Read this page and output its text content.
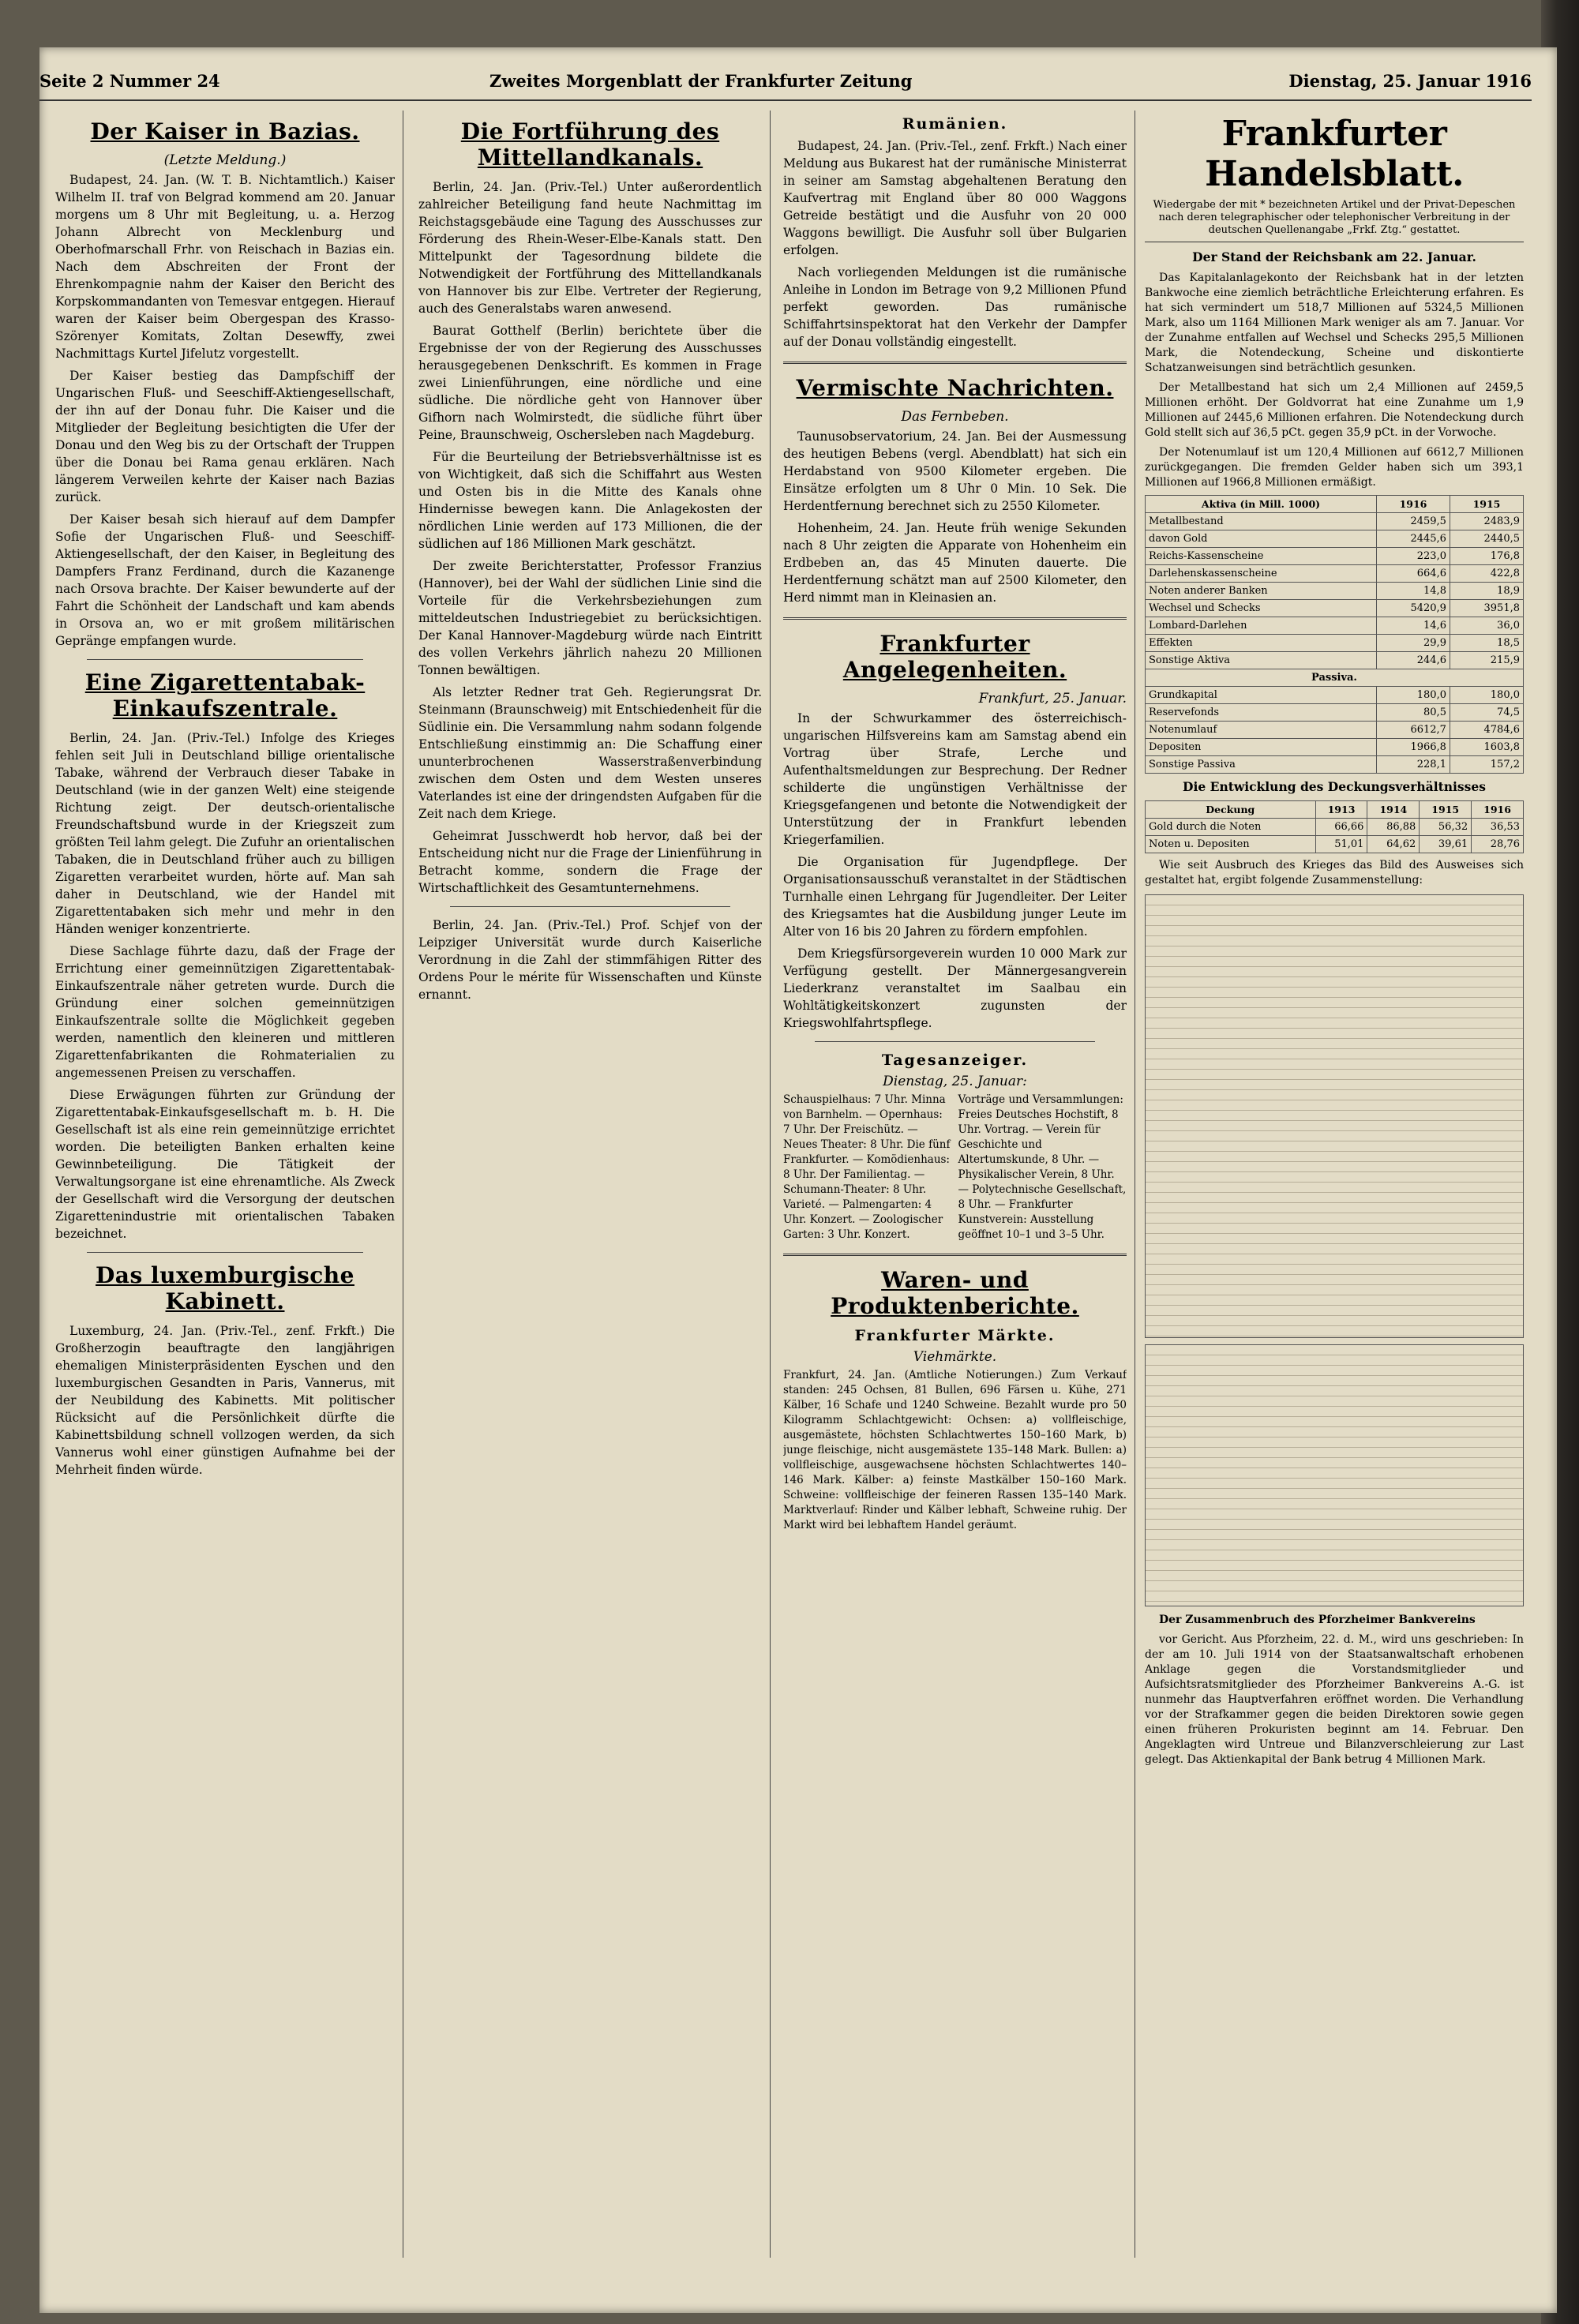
Seite 2 Nummer 24	Zweites Morgenblatt der Frankfurter Zeitung	Dienstag, 25. Januar 1916
Der Kaiser in Bazias.
(Letzte Meldung.)

Budapest, 24. Jan. (W. T. B. Nichtamtlich.) Kaiser Wilhelm II. traf von Belgrad kommend am 20. Januar morgens um 8 Uhr mit Begleitung, u. a. Herzog Johann Albrecht von Mecklenburg und Oberhofmarschall Frhr. von Reischach in Bazias ein. Nach dem Abschreiten der Front der Ehrenkompagnie nahm der Kaiser den Bericht des Korpskommandanten von Temesvar entgegen. Hierauf waren der Kaiser beim Obergespan des Krasso-Szörenyer Komitats, Zoltan Desewffy, zwei Nachmittags Kurtel Jifelutz vorgestellt.

Der Kaiser bestieg das Dampfschiff der Ungarischen Fluß- und Seeschiff-Aktiengesellschaft, der ihn auf der Donau fuhr. Die Kaiser und die Mitglieder der Begleitung besichtigten die Ufer der Donau und den Weg bis zu der Ortschaft der Truppen über die Donau bei Rama genau erklären. Nach längerem Verweilen kehrte der Kaiser nach Bazias zurück.

Der Kaiser besah sich hierauf auf dem Dampfer Sofie der Ungarischen Fluß- und Seeschiff-Aktiengesellschaft, der den Kaiser, in Begleitung des Dampfers Franz Ferdinand, durch die Kazanenge nach Orsova brachte. Der Kaiser bewunderte auf der Fahrt die Schönheit der Landschaft und kam abends in Orsova an, wo er mit großem militärischen Gepränge empfangen wurde.

Eine Zigarettentabak-Einkaufszentrale.

Berlin, 24. Jan. (Priv.-Tel.) Infolge des Krieges fehlen seit Juli in Deutschland billige orientalische Tabake, während der Verbrauch dieser Tabake in Deutschland (wie in der ganzen Welt) eine steigende Richtung zeigt. Der deutsch-orientalische Freundschaftsbund wurde in der Kriegszeit zum größten Teil lahm gelegt. Die Zufuhr an orientalischen Tabaken, die in Deutschland früher auch zu billigen Zigaretten verarbeitet wurden, hörte auf. Man sah daher in Deutschland, wie der Handel mit Zigarettentabaken sich mehr und mehr in den Händen weniger konzentrierte.

Diese Sachlage führte dazu, daß der Frage der Errichtung einer gemeinnützigen Zigarettentabak-Einkaufszentrale näher getreten wurde. Durch die Gründung einer solchen gemeinnützigen Einkaufszentrale sollte die Möglichkeit gegeben werden, namentlich den kleineren und mittleren Zigarettenfabrikanten die Rohmaterialien zu angemessenen Preisen zu verschaffen.

Diese Erwägungen führten zur Gründung der Zigarettentabak-Einkaufsgesellschaft m. b. H. Die Gesellschaft ist als eine rein gemeinnützige errichtet worden. Die beteiligten Banken erhalten keine Gewinnbeteiligung. Die Tätigkeit der Verwaltungsorgane ist eine ehrenamtliche. Als Zweck der Gesellschaft wird die Versorgung der deutschen Zigarettenindustrie mit orientalischen Tabaken bezeichnet.

Das luxemburgische Kabinett.

Luxemburg, 24. Jan. (Priv.-Tel., zenf. Frkft.) Die Großherzogin beauftragte den langjährigen ehemaligen Ministerpräsidenten Eyschen und den luxemburgischen Gesandten in Paris, Vannerus, mit der Neubildung des Kabinetts. Mit politischer Rücksicht auf die Persönlichkeit dürfte die Kabinettsbildung schnell vollzogen werden, da sich Vannerus wohl einer günstigen Aufnahme bei der Mehrheit finden würde.

Die Fortführung des Mittellandkanals.

Berlin, 24. Jan. (Priv.-Tel.) Unter außerordentlich zahlreicher Beteiligung fand heute Nachmittag im Reichstagsgebäude eine Tagung des Ausschusses zur Förderung des Rhein-Weser-Elbe-Kanals statt. Den Mittelpunkt der Tagesordnung bildete die Notwendigkeit der Fortführung des Mittellandkanals von Hannover bis zur Elbe. Vertreter der Regierung, auch des Generalstabs waren anwesend.

Baurat Gotthelf (Berlin) berichtete über die Ergebnisse der von der Regierung des Ausschusses herausgegebenen Denkschrift. Es kommen in Frage zwei Linienführungen, eine nördliche und eine südliche. Die nördliche geht von Hannover über Gifhorn nach Wolmirstedt, die südliche führt über Peine, Braunschweig, Oschersleben nach Magdeburg.

Für die Beurteilung der Betriebsverhältnisse ist es von Wichtigkeit, daß sich die Schiffahrt aus Westen und Osten bis in die Mitte des Kanals ohne Hindernisse bewegen kann. Die Anlagekosten der nördlichen Linie werden auf 173 Millionen, die der südlichen auf 186 Millionen Mark geschätzt.

Der zweite Berichterstatter, Professor Franzius (Hannover), bei der Wahl der südlichen Linie sind die Vorteile für die Verkehrsbeziehungen zum mitteldeutschen Industriegebiet zu berücksichtigen. Der Kanal Hannover-Magdeburg würde nach Eintritt des vollen Verkehrs jährlich nahezu 20 Millionen Tonnen bewältigen.

Als letzter Redner trat Geh. Regierungsrat Dr. Steinmann (Braunschweig) mit Entschiedenheit für die Südlinie ein. Die Versammlung nahm sodann folgende Entschließung einstimmig an: Die Schaffung einer ununterbrochenen Wasserstraßenverbindung zwischen dem Osten und dem Westen unseres Vaterlandes ist eine der dringendsten Aufgaben für die Zeit nach dem Kriege.

Geheimrat Jusschwerdt hob hervor, daß bei der Entscheidung nicht nur die Frage der Linienführung in Betracht komme, sondern die Frage der Wirtschaftlichkeit des Gesamtunternehmens.

Berlin, 24. Jan. (Priv.-Tel.) Prof. Schjef von der Leipziger Universität wurde durch Kaiserliche Verordnung in die Zahl der stimmfähigen Ritter des Ordens Pour le mérite für Wissenschaften und Künste ernannt.

Rumänien.

Budapest, 24. Jan. (Priv.-Tel., zenf. Frkft.) Nach einer Meldung aus Bukarest hat der rumänische Ministerrat in seiner am Samstag abgehaltenen Beratung den Kaufvertrag mit England über 80 000 Waggons Getreide bestätigt und die Ausfuhr von 20 000 Waggons bewilligt. Die Ausfuhr soll über Bulgarien erfolgen.

Nach vorliegenden Meldungen ist die rumänische Anleihe in London im Betrage von 9,2 Millionen Pfund perfekt geworden. Das rumänische Schiffahrtsinspektorat hat den Verkehr der Dampfer auf der Donau vollständig eingestellt.

Vermischte Nachrichten.
Das Fernbeben.

Taunusobservatorium, 24. Jan. Bei der Ausmessung des heutigen Bebens (vergl. Abendblatt) hat sich ein Herdabstand von 9500 Kilometer ergeben. Die Einsätze erfolgten um 8 Uhr 0 Min. 10 Sek. Die Herdentfernung berechnet sich zu 2550 Kilometer.

Hohenheim, 24. Jan. Heute früh wenige Sekunden nach 8 Uhr zeigten die Apparate von Hohenheim ein Erdbeben an, das 45 Minuten dauerte. Die Herdentfernung schätzt man auf 2500 Kilometer, den Herd nimmt man in Kleinasien an.

Frankfurter Angelegenheiten.
Frankfurt, 25. Januar.

In der Schwurkammer des österreichisch-ungarischen Hilfsvereins kam am Samstag abend ein Vortrag über Strafe, Lerche und Aufenthaltsmeldungen zur Besprechung. Der Redner schilderte die ungünstigen Verhältnisse der Kriegsgefangenen und betonte die Notwendigkeit der Unterstützung der in Frankfurt lebenden Kriegerfamilien.

Die Organisation für Jugendpflege. Der Organisationsausschuß veranstaltet in der Städtischen Turnhalle einen Lehrgang für Jugendleiter. Der Leiter des Kriegsamtes hat die Ausbildung junger Leute im Alter von 16 bis 20 Jahren zu fördern empfohlen.

Dem Kriegsfürsorgeverein wurden 10 000 Mark zur Verfügung gestellt. Der Männergesangverein Liederkranz veranstaltet im Saalbau ein Wohltätigkeitskonzert zugunsten der Kriegswohlfahrtspflege.

Tagesanzeiger.
Dienstag, 25. Januar:
Schauspielhaus: 7 Uhr. Minna von Barnhelm. — Opernhaus: 7 Uhr. Der Freischütz. — Neues Theater: 8 Uhr. Die fünf Frankfurter. — Komödienhaus: 8 Uhr. Der Familientag. — Schumann-Theater: 8 Uhr. Varieté. — Palmengarten: 4 Uhr. Konzert. — Zoologischer Garten: 3 Uhr. Konzert.
Vorträge und Versammlungen: Freies Deutsches Hochstift, 8 Uhr. Vortrag. — Verein für Geschichte und Altertumskunde, 8 Uhr. — Physikalischer Verein, 8 Uhr. — Polytechnische Gesellschaft, 8 Uhr. — Frankfurter Kunstverein: Ausstellung geöffnet 10–1 und 3–5 Uhr.
Waren- und Produktenberichte.
Frankfurter Märkte.
Viehmärkte.
Frankfurt, 24. Jan. (Amtliche Notierungen.) Zum Verkauf standen: 245 Ochsen, 81 Bullen, 696 Färsen u. Kühe, 271 Kälber, 16 Schafe und 1240 Schweine. Bezahlt wurde pro 50 Kilogramm Schlachtgewicht: Ochsen: a) vollfleischige, ausgemästete, höchsten Schlachtwertes 150–160 Mark, b) junge fleischige, nicht ausgemästete 135–148 Mark. Bullen: a) vollfleischige, ausgewachsene höchsten Schlachtwertes 140–146 Mark. Kälber: a) feinste Mastkälber 150–160 Mark. Schweine: vollfleischige der feineren Rassen 135–140 Mark. Marktverlauf: Rinder und Kälber lebhaft, Schweine ruhig. Der Markt wird bei lebhaftem Handel geräumt.
Frankfurter Handelsblatt.
Wiedergabe der mit * bezeichneten Artikel und der Privat-Depeschen nach deren telegraphischer oder telephonischer Verbreitung in der deutschen Quellenangabe „Frkf. Ztg.“ gestattet.

Der Stand der Reichsbank am 22. Januar.

Das Kapitalanlagekonto der Reichsbank hat in der letzten Bankwoche eine ziemlich beträchtliche Erleichterung erfahren. Es hat sich vermindert um 518,7 Millionen auf 5324,5 Millionen Mark, also um 1164 Millionen Mark weniger als am 7. Januar. Vor der Zunahme entfallen auf Wechsel und Schecks 295,5 Millionen Mark, die Notendeckung, Scheine und diskontierte Schatzanweisungen sind beträchtlich gesunken.

Der Metallbestand hat sich um 2,4 Millionen auf 2459,5 Millionen erhöht. Der Goldvorrat hat eine Zunahme um 1,9 Millionen auf 2445,6 Millionen erfahren. Die Notendeckung durch Gold stellt sich auf 36,5 pCt. gegen 35,9 pCt. in der Vorwoche.

Der Notenumlauf ist um 120,4 Millionen auf 6612,7 Millionen zurückgegangen. Die fremden Gelder haben sich um 393,1 Millionen auf 1966,8 Millionen ermäßigt.

Aktiva (in Mill. 1000)	1916	1915
Metallbestand	2459,5	2483,9
davon Gold	2445,6	2440,5
Reichs-Kassenscheine	223,0	176,8
Darlehenskassenscheine	664,6	422,8
Noten anderer Banken	14,8	18,9
Wechsel und Schecks	5420,9	3951,8
Lombard-Darlehen	14,6	36,0
Effekten	29,9	18,5
Sonstige Aktiva	244,6	215,9
Passiva.		
Grundkapital	180,0	180,0
Reservefonds	80,5	74,5
Notenumlauf	6612,7	4784,6
Depositen	1966,8	1603,8
Sonstige Passiva	228,1	157,2

Die Entwicklung des Deckungsverhältnisses

Deckung	1913	1914	1915	1916
Gold durch die Noten	66,66	86,88	56,32	36,53
Noten u. Depositen	51,01	64,62	39,61	28,76

Wie seit Ausbruch des Krieges das Bild des Ausweises sich gestaltet hat, ergibt folgende Zusammenstellung:

Der Zusammenbruch des Pforzheimer Bankvereins

vor Gericht. Aus Pforzheim, 22. d. M., wird uns geschrieben: In der am 10. Juli 1914 von der Staatsanwaltschaft erhobenen Anklage gegen die Vorstandsmitglieder und Aufsichtsratsmitglieder des Pforzheimer Bankvereins A.-G. ist nunmehr das Hauptverfahren eröffnet worden. Die Verhandlung vor der Strafkammer gegen die beiden Direktoren sowie gegen einen früheren Prokuristen beginnt am 14. Februar. Den Angeklagten wird Untreue und Bilanzverschleierung zur Last gelegt. Das Aktienkapital der Bank betrug 4 Millionen Mark.
